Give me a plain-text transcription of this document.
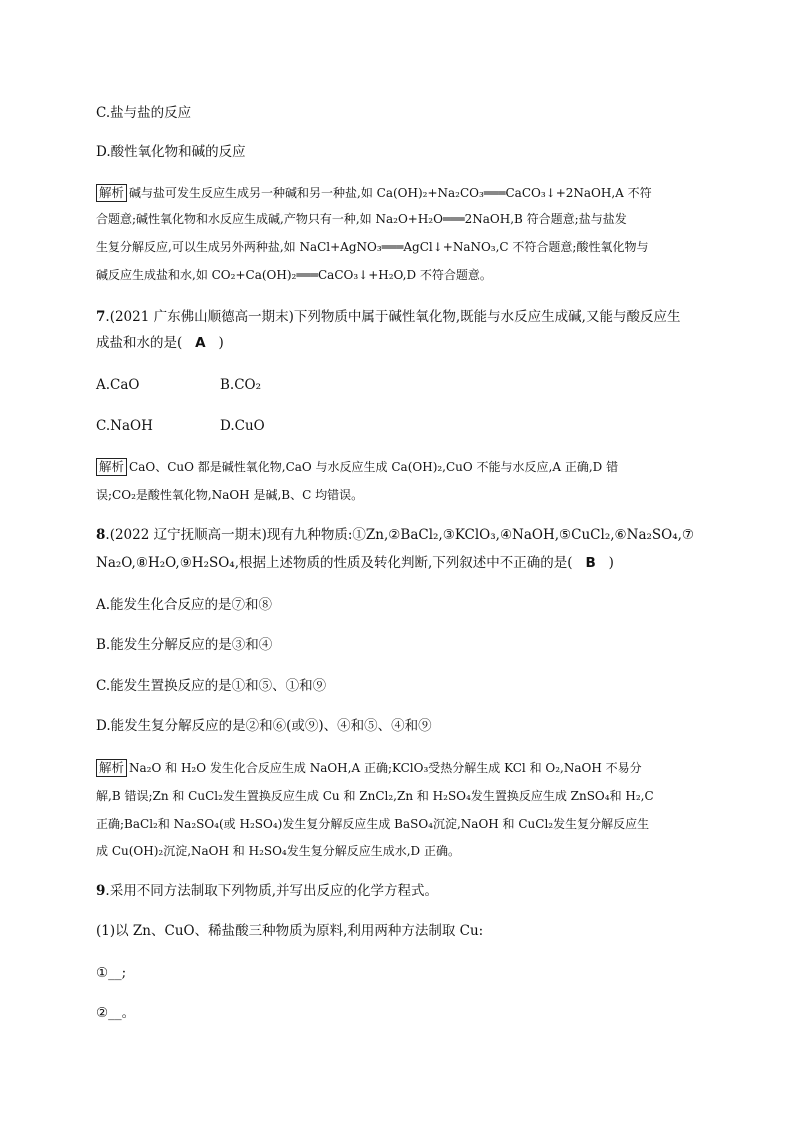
C.盐与盐的反应
D.酸性氧化物和碱的反应
解析 碱与盐可发生反应生成另一种碱和另一种盐,如 Ca(OH)₂+Na₂CO₃═══CaCO₃↓+2NaOH,A 不符
合题意;碱性氧化物和水反应生成碱,产物只有一种,如 Na₂O+H₂O═══2NaOH,B 符合题意;盐与盐发
生复分解反应,可以生成另外两种盐,如 NaCl+AgNO₃═══AgCl↓+NaNO₃,C 不符合题意;酸性氧化物与
碱反应生成盐和水,如 CO₂+Ca(OH)₂═══CaCO₃↓+H₂O,D 不符合题意。
7.(2021 广东佛山顺德高一期末)下列物质中属于碱性氧化物,既能与水反应生成碱,又能与酸反应生
成盐和水的是( A )
A.CaO	B.CO₂
C.NaOH	D.CuO
解析 CaO、CuO 都是碱性氧化物,CaO 与水反应生成 Ca(OH)₂,CuO 不能与水反应,A 正确,D 错
误;CO₂是酸性氧化物,NaOH 是碱,B、C 均错误。
8.(2022 辽宁抚顺高一期末)现有九种物质:①Zn,②BaCl₂,③KClO₃,④NaOH,⑤CuCl₂,⑥Na₂SO₄,⑦
Na₂O,⑧H₂O,⑨H₂SO₄,根据上述物质的性质及转化判断,下列叙述中不正确的是( B )
A.能发生化合反应的是⑦和⑧
B.能发生分解反应的是③和④
C.能发生置换反应的是①和⑤、①和⑨
D.能发生复分解反应的是②和⑥(或⑨)、④和⑤、④和⑨
解析 Na₂O 和 H₂O 发生化合反应生成 NaOH,A 正确;KClO₃受热分解生成 KCl 和 O₂,NaOH 不易分
解,B 错误;Zn 和 CuCl₂发生置换反应生成 Cu 和 ZnCl₂,Zn 和 H₂SO₄发生置换反应生成 ZnSO₄和 H₂,C
正确;BaCl₂和 Na₂SO₄(或 H₂SO₄)发生复分解反应生成 BaSO₄沉淀,NaOH 和 CuCl₂发生复分解反应生
成 Cu(OH)₂沉淀,NaOH 和 H₂SO₄发生复分解反应生成水,D 正确。
9.采用不同方法制取下列物质,并写出反应的化学方程式。
(1)以 Zn、CuO、稀盐酸三种物质为原料,利用两种方法制取 Cu:
①__;
②__。
